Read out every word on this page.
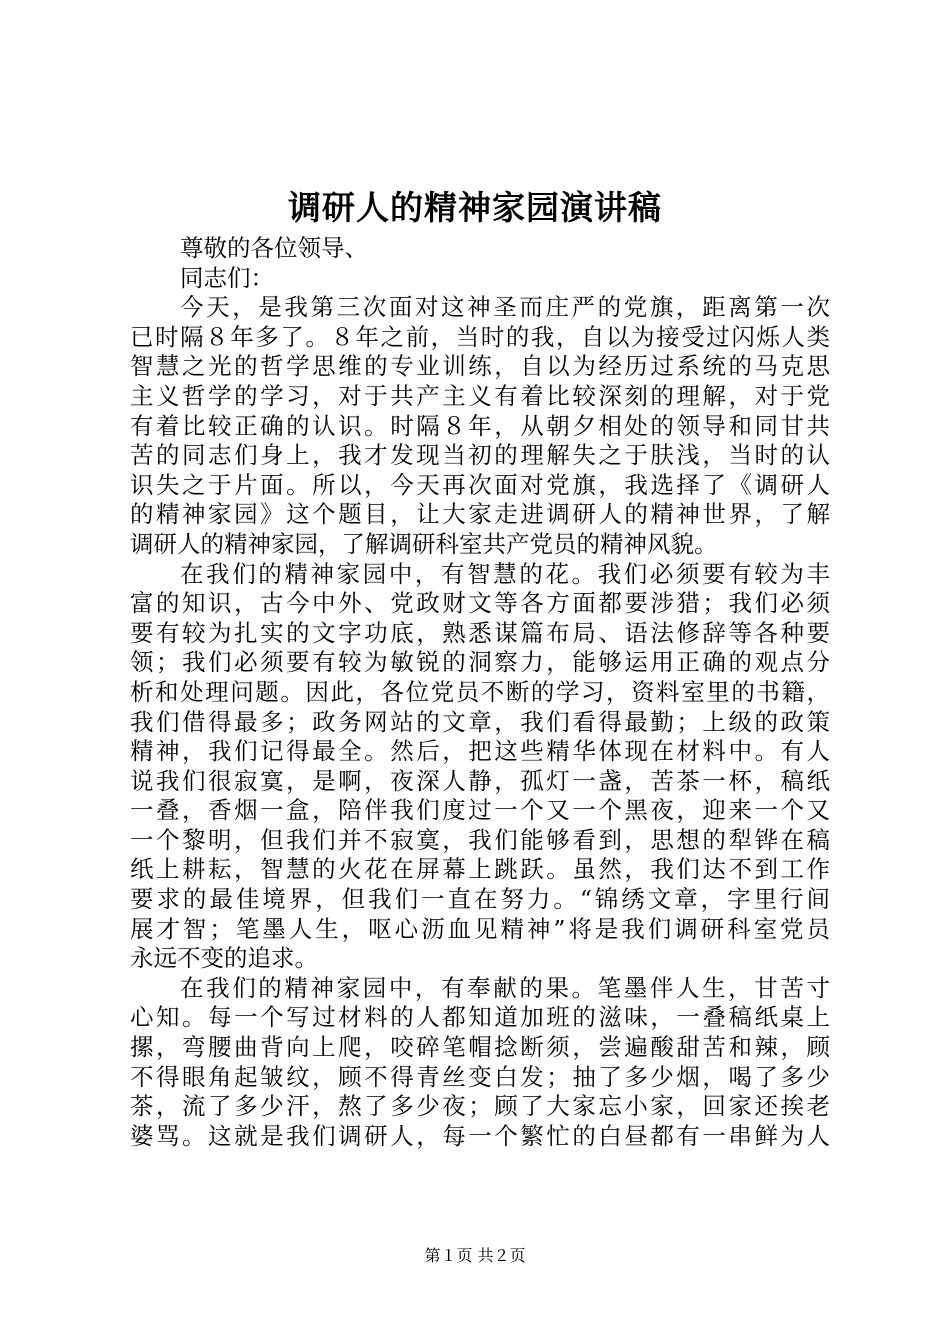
调研人的精神家园演讲稿
尊敬的各位领导、
同志们：
今天，是我第三次面对这神圣而庄严的党旗，距离第一次
已时隔８年多了。８年之前，当时的我，自以为接受过闪烁人类
智慧之光的哲学思维的专业训练，自以为经历过系统的马克思
主义哲学的学习，对于共产主义有着比较深刻的理解，对于党
有着比较正确的认识。时隔８年，从朝夕相处的领导和同甘共
苦的同志们身上，我才发现当初的理解失之于肤浅，当时的认
识失之于片面。所以，今天再次面对党旗，我选择了《调研人
的精神家园》这个题目，让大家走进调研人的精神世界，了解
调研人的精神家园，了解调研科室共产党员的精神风貌。
在我们的精神家园中，有智慧的花。我们必须要有较为丰
富的知识，古今中外、党政财文等各方面都要涉猎；我们必须
要有较为扎实的文字功底，熟悉谋篇布局、语法修辞等各种要
领；我们必须要有较为敏锐的洞察力，能够运用正确的观点分
析和处理问题。因此，各位党员不断的学习，资料室里的书籍，
我们借得最多；政务网站的文章，我们看得最勤；上级的政策
精神，我们记得最全。然后，把这些精华体现在材料中。有人
说我们很寂寞，是啊，夜深人静，孤灯一盏，苦茶一杯，稿纸
一叠，香烟一盒，陪伴我们度过一个又一个黑夜，迎来一个又
一个黎明，但我们并不寂寞，我们能够看到，思想的犁铧在稿
纸上耕耘，智慧的火花在屏幕上跳跃。虽然，我们达不到工作
要求的最佳境界，但我们一直在努力。“锦绣文章，字里行间
展才智；笔墨人生，呕心沥血见精神”将是我们调研科室党员
永远不变的追求。
在我们的精神家园中，有奉献的果。笔墨伴人生，甘苦寸
心知。每一个写过材料的人都知道加班的滋味，一叠稿纸桌上
摞，弯腰曲背向上爬，咬碎笔帽捻断须，尝遍酸甜苦和辣，顾
不得眼角起皱纹，顾不得青丝变白发；抽了多少烟，喝了多少
茶，流了多少汗，熬了多少夜；顾了大家忘小家，回家还挨老
婆骂。这就是我们调研人，每一个繁忙的白昼都有一串鲜为人
第１页 共２页
